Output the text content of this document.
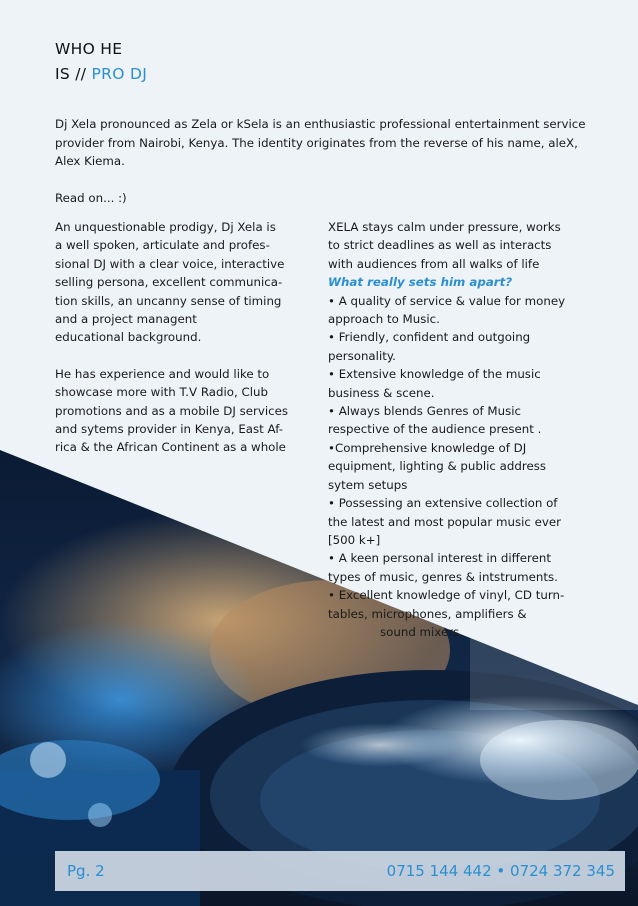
WHO HE
IS // PRO DJ
Dj Xela pronounced as Zela or kSela is an enthusiastic professional entertainment service provider from Nairobi, Kenya. The identity originates from the reverse of his name, aleX, Alex Kiema.
Read on... :)

An unquestionable prodigy, Dj Xela is
a well spoken, articulate and profes-
sional DJ with a clear voice, interactive
selling persona, excellent communica-
tion skills, an uncanny sense of timing
and a project managent
educational background.

He has experience and would like to
showcase more with T.V Radio, Club
promotions and as a mobile DJ services
and sytems provider in Kenya, East Af-
rica & the African Continent as a whole

XELA stays calm under pressure, works
to strict deadlines as well as interacts
with audiences from all walks of life
What really sets him apart?
• A quality of service & value for money
approach to Music.
• Friendly, confident and outgoing
personality.
• Extensive knowledge of the music
business & scene.
• Always blends Genres of Music
respective of the audience present .
•Comprehensive knowledge of DJ
equipment, lighting & public address
sytem setups
• Possessing an extensive collection of
the latest and most popular music ever
[500 k+]
• A keen personal interest in different
types of music, genres & intstruments.
• Excellent knowledge of vinyl, CD turn-
tables, microphones, amplifiers &
sound mixers.
Pg. 2	0715 144 442 • 0724 372 345
